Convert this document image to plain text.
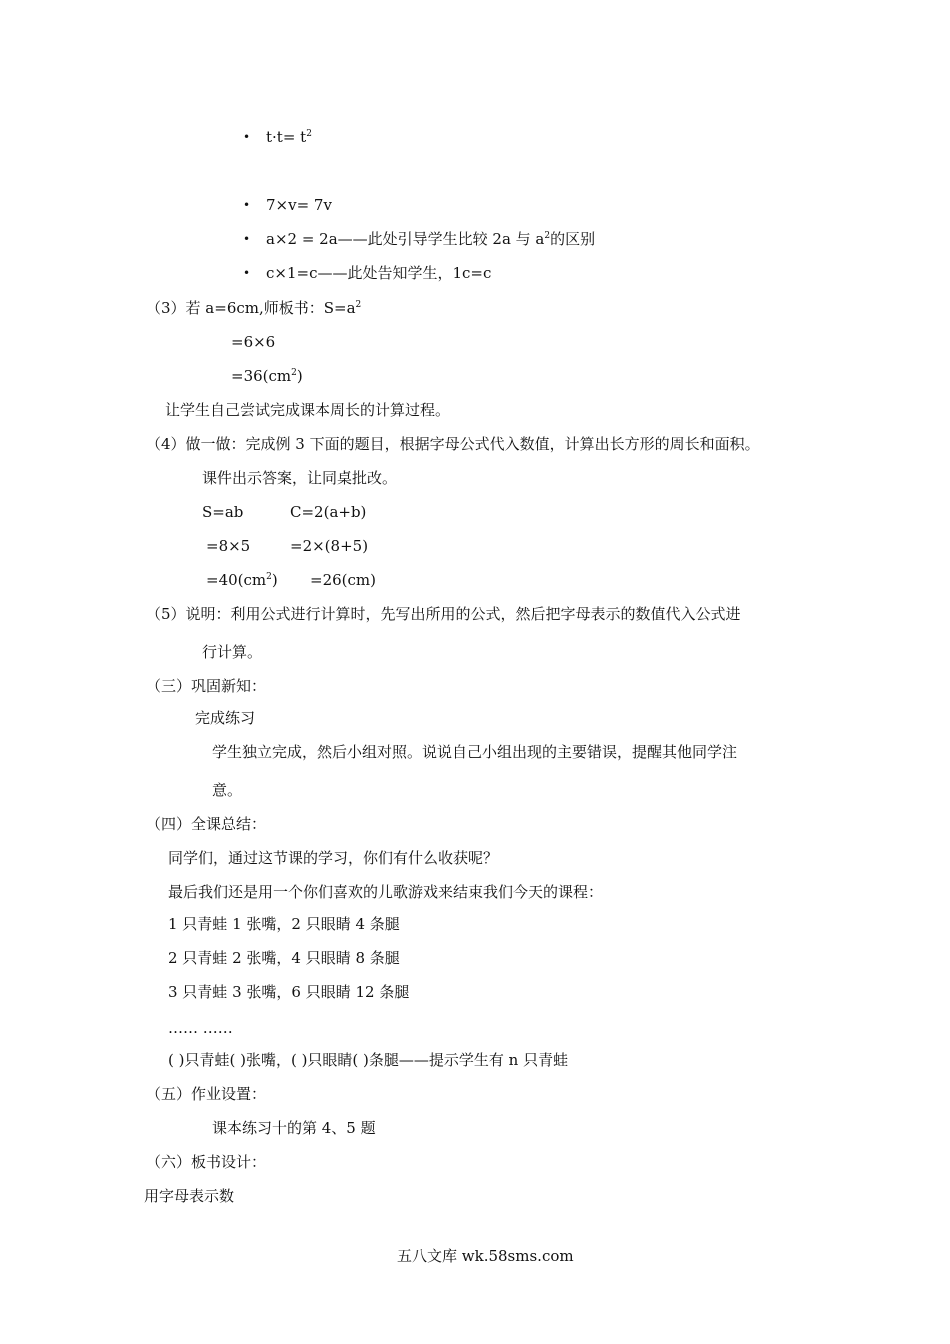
• $t\cdot t= t^2$
• 7×v= 7v
• a×2 = 2a——此处引导学生比较 2a 与 $a^2$的区别
• c×1=c——此处告知学生，1c=c
（3）若 a=6cm,师板书：$S=a^2$
=6×6
$=36(cm^2)$
让学生自己尝试完成课本周长的计算过程。
（4）做一做：完成例 3 下面的题目，根据字母公式代入数值，计算出长方形的周长和面积。
课件出示答案，让同桌批改。
S=ab	C=2(a+b)
=8×5	=2×(8+5)
$=40(cm^2) =26(cm)$
（5）说明：利用公式进行计算时，先写出所用的公式，然后把字母表示的数值代入公式进
行计算。
（三）巩固新知：
完成练习
学生独立完成，然后小组对照。说说自己小组出现的主要错误，提醒其他同学注
意。
（四）全课总结：
同学们，通过这节课的学习，你们有什么收获呢？
最后我们还是用一个你们喜欢的儿歌游戏来结束我们今天的课程：
1 只青蛙 1 张嘴，2 只眼睛 4 条腿
2 只青蛙 2 张嘴，4 只眼睛 8 条腿
3 只青蛙 3 张嘴，6 只眼睛 12 条腿
…… ……
( )只青蛙( )张嘴，( )只眼睛( )条腿——提示学生有 n 只青蛙
（五）作业设置：
课本练习十的第 4、5 题
（六）板书设计：
用字母表示数
五八文库 wk.58sms.com
